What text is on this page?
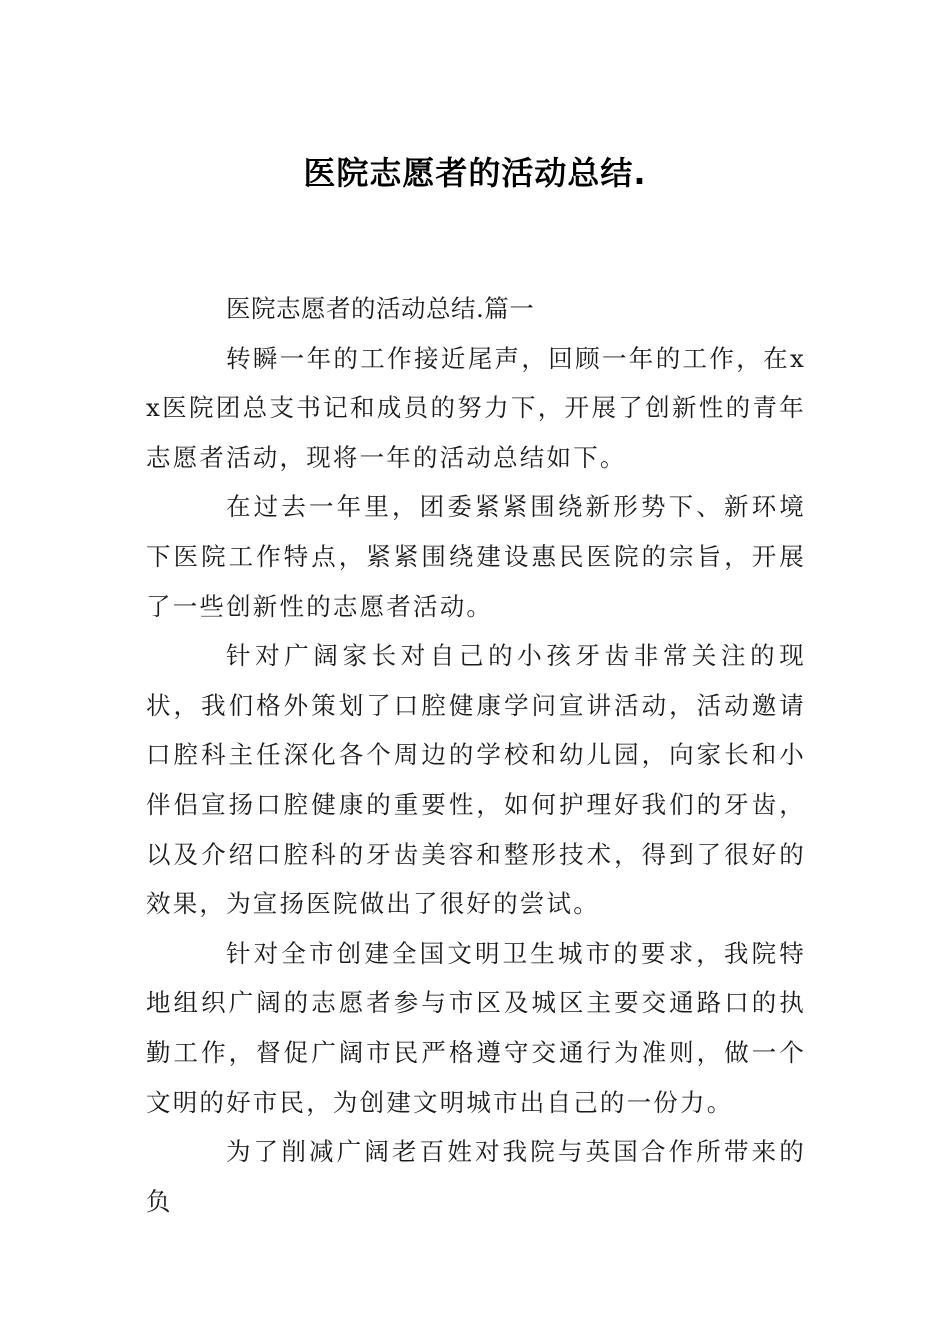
医院志愿者的活动总结.

医院志愿者的活动总结.篇一

转瞬一年的工作接近尾声，回顾一年的工作，在xx医院团总支书记和成员的努力下，开展了创新性的青年志愿者活动，现将一年的活动总结如下。

在过去一年里，团委紧紧围绕新形势下、新环境下医院工作特点，紧紧围绕建设惠民医院的宗旨，开展了一些创新性的志愿者活动。

针对广阔家长对自己的小孩牙齿非常关注的现状，我们格外策划了口腔健康学问宣讲活动，活动邀请口腔科主任深化各个周边的学校和幼儿园，向家长和小伴侣宣扬口腔健康的重要性，如何护理好我们的牙齿，以及介绍口腔科的牙齿美容和整形技术，得到了很好的效果，为宣扬医院做出了很好的尝试。

针对全市创建全国文明卫生城市的要求，我院特地组织广阔的志愿者参与市区及城区主要交通路口的执勤工作，督促广阔市民严格遵守交通行为准则，做一个文明的好市民，为创建文明城市出自己的一份力。

为了削减广阔老百姓对我院与英国合作所带来的负
